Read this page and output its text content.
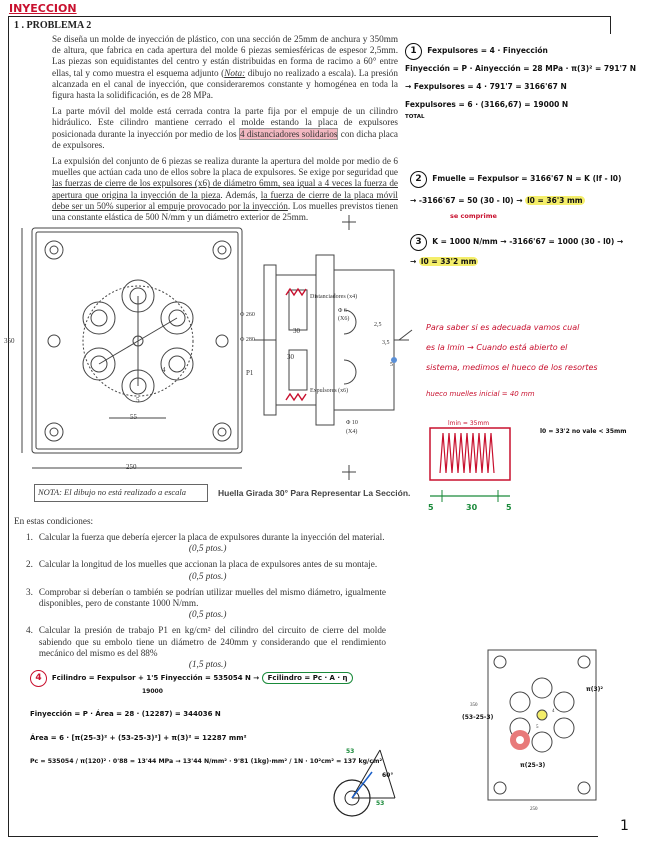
INYECCION
1 . PROBLEMA 2

Se diseña un molde de inyección de plástico, con una sección de 25mm de anchura y 350mm de altura, que fabrica en cada apertura del molde 6 piezas semiesféricas de espesor 2,5mm. Las piezas son equidistantes del centro y están distribuidas en forma de racimo a 60° entre ellas, tal y como muestra el esquema adjunto (Nota: dibujo no realizado a escala). La presión alcanzada en el canal de inyección, que consideraremos constante y homogénea en toda la figura hasta la solidificación, es de 28 MPa.

La parte móvil del molde está cerrada contra la parte fija por el empuje de un cilindro hidráulico. Este cilindro mantiene cerrado el molde estando la placa de expulsores posicionada durante la inyección por medio de los 4 distanciadores solidarios con dicha placa de expulsores.

La expulsión del conjunto de 6 piezas se realiza durante la apertura del molde por medio de 6 muelles que actúan cada uno de ellos sobre la placa de expulsores. Se exige por seguridad que las fuerzas de cierre de los expulsores (x6) de diámetro 6mm, sea igual a 4 veces la fuerza de apertura que origina la inyección de la pieza. Además, la fuerza de cierre de la placa móvil debe ser un 50% superior al empuje provocado por la inyección. Los muelles previstos tienen una constante elástica de 500 N/mm y un diámetro exterior de 25mm.

350
250
55
5
4	P1
Φ 260
Φ 280
30
30
Distanciadores (x4)
Expulsores (x6)
Φ 6
(X6)
2,5
3,5
5
Φ 10
(X4)
NOTA: El dibujo no está realizado a escala	Huella Girada 30° Para Representar La Sección.
En estas condiciones:
1. Calcular la fuerza que debería ejercer la placa de expulsores durante la inyección del material.
(0,5 ptos.)
2. Calcular la longitud de los muelles que accionan la placa de expulsores antes de su montaje.
(0,5 ptos.)
3. Comprobar si deberían o también se podrían utilizar muelles del mismo diámetro, igualmente disponibles, pero de constante 1000 N/mm.
(0,5 ptos.)
4. Calcular la presión de trabajo P1 en kg/cm² del cilindro del circuito de cierre del molde sabiendo que su embolo tiene un diámetro de 240mm y considerando que el rendimiento mecánico del mismo es del 88%
(1,5 ptos.)
1 Fexpulsores = 4 · Finyección
Finyección = P · Ainyección = 28 MPa · π(3)² = 791'7 N
→ Fexpulsores = 4 · 791'7 = 3166'67 N
Fexpulsores = 6 · (3166,67) = 19000 N
TOTAL
2 Fmuelle = Fexpulsor = 3166'67 N = K (lf - l0)
→ -3166'67 = 50 (30 - l0) → l0 = 36'3 mm
se comprime
3 K = 1000 N/mm → -3166'67 = 1000 (30 - l0) →
→ l0 = 33'2 mm
Para saber si es adecuada vamos cual
es la lmin → Cuando está abierto el
sistema, medimos el hueco de los resortes
hueco muelles inicial = 40 mm
lmin = 35mm
l0 = 33'2 no vale < 35mm
5	30	5
4 Fcilindro = Fexpulsor + 1'5 Finyección = 535054 N → Fcilindro = Pc · A · η
19000
Finyección = P · Área = 28 · (12287) = 344036 N
Área = 6 · [π(25-3)² + (53-25-3)²] + π(3)² = 12287 mm²
Pc = 535054 / π(120)² · 0'88 = 13'44 MPa → 13'44 N/mm² · 9'81 (1kg)·mm² / 1N · 10²cm² = 137 kg/cm²
53
53
60°
π(3)²
(53-25-3)
π(25-3)
350
250
4
5
1
